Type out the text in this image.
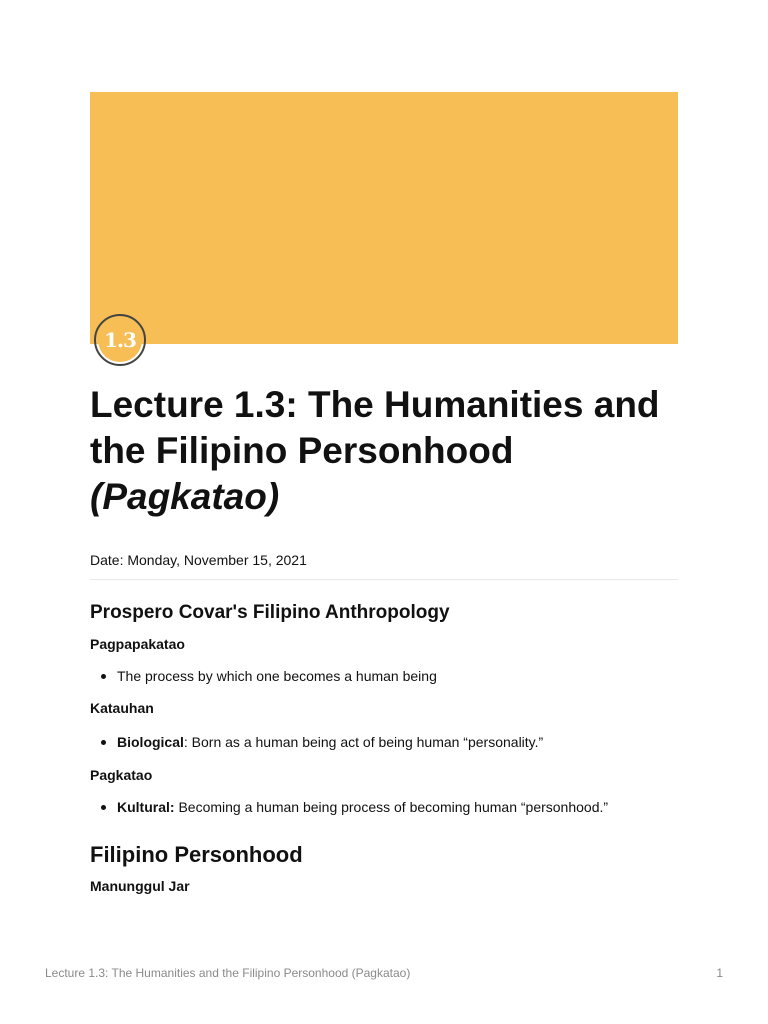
1.3
Lecture 1.3: The Humanities and the Filipino Personhood
(Pagkatao)
Date: Monday, November 15, 2021
Prospero Covar's Filipino Anthropology

Pagpapakatao

The process by which one becomes a human being

Katauhan

Biological: Born as a human being act of being human “personality.”

Pagkatao

Kultural: Becoming a human being process of becoming human “personhood.”
Filipino Personhood

Manunggul Jar

Lecture 1.3: The Humanities and the Filipino Personhood (Pagkatao)	1
